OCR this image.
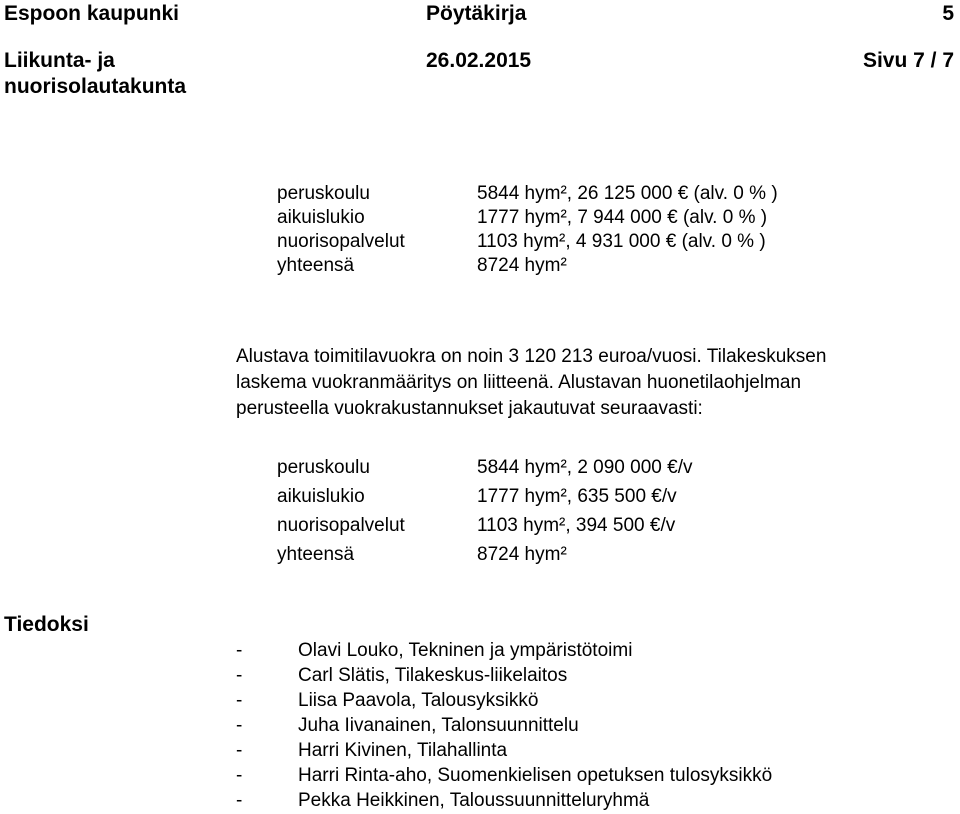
Espoon kaupunki	Pöytäkirja	5
Liikunta- ja
nuorisolautakunta
26.02.2015	Sivu 7 / 7
peruskoulu	5844 hym², 26 125 000 € (alv. 0 % )
aikuislukio	1777 hym², 7 944 000 € (alv. 0 % )
nuorisopalvelut	1103 hym², 4 931 000 € (alv. 0 % )
yhteensä	8724 hym²
Alustava toimitilavuokra on noin 3 120 213 euroa/vuosi. Tilakeskuksen
laskema vuokranmääritys on liitteenä. Alustavan huonetilaohjelman
perusteella vuokrakustannukset jakautuvat seuraavasti:
peruskoulu	5844 hym², 2 090 000 €/v
aikuislukio	1777 hym², 635 500 €/v
nuorisopalvelut	1103 hym², 394 500 €/v
yhteensä	8724 hym²
Tiedoksi
-	Olavi Louko, Tekninen ja ympäristötoimi
-	Carl Slätis, Tilakeskus-liikelaitos
-	Liisa Paavola, Talousyksikkö
-	Juha Iivanainen, Talonsuunnittelu
-	Harri Kivinen, Tilahallinta
-	Harri Rinta-aho, Suomenkielisen opetuksen tulosyksikkö
-	Pekka Heikkinen, Taloussuunnitteluryhmä
